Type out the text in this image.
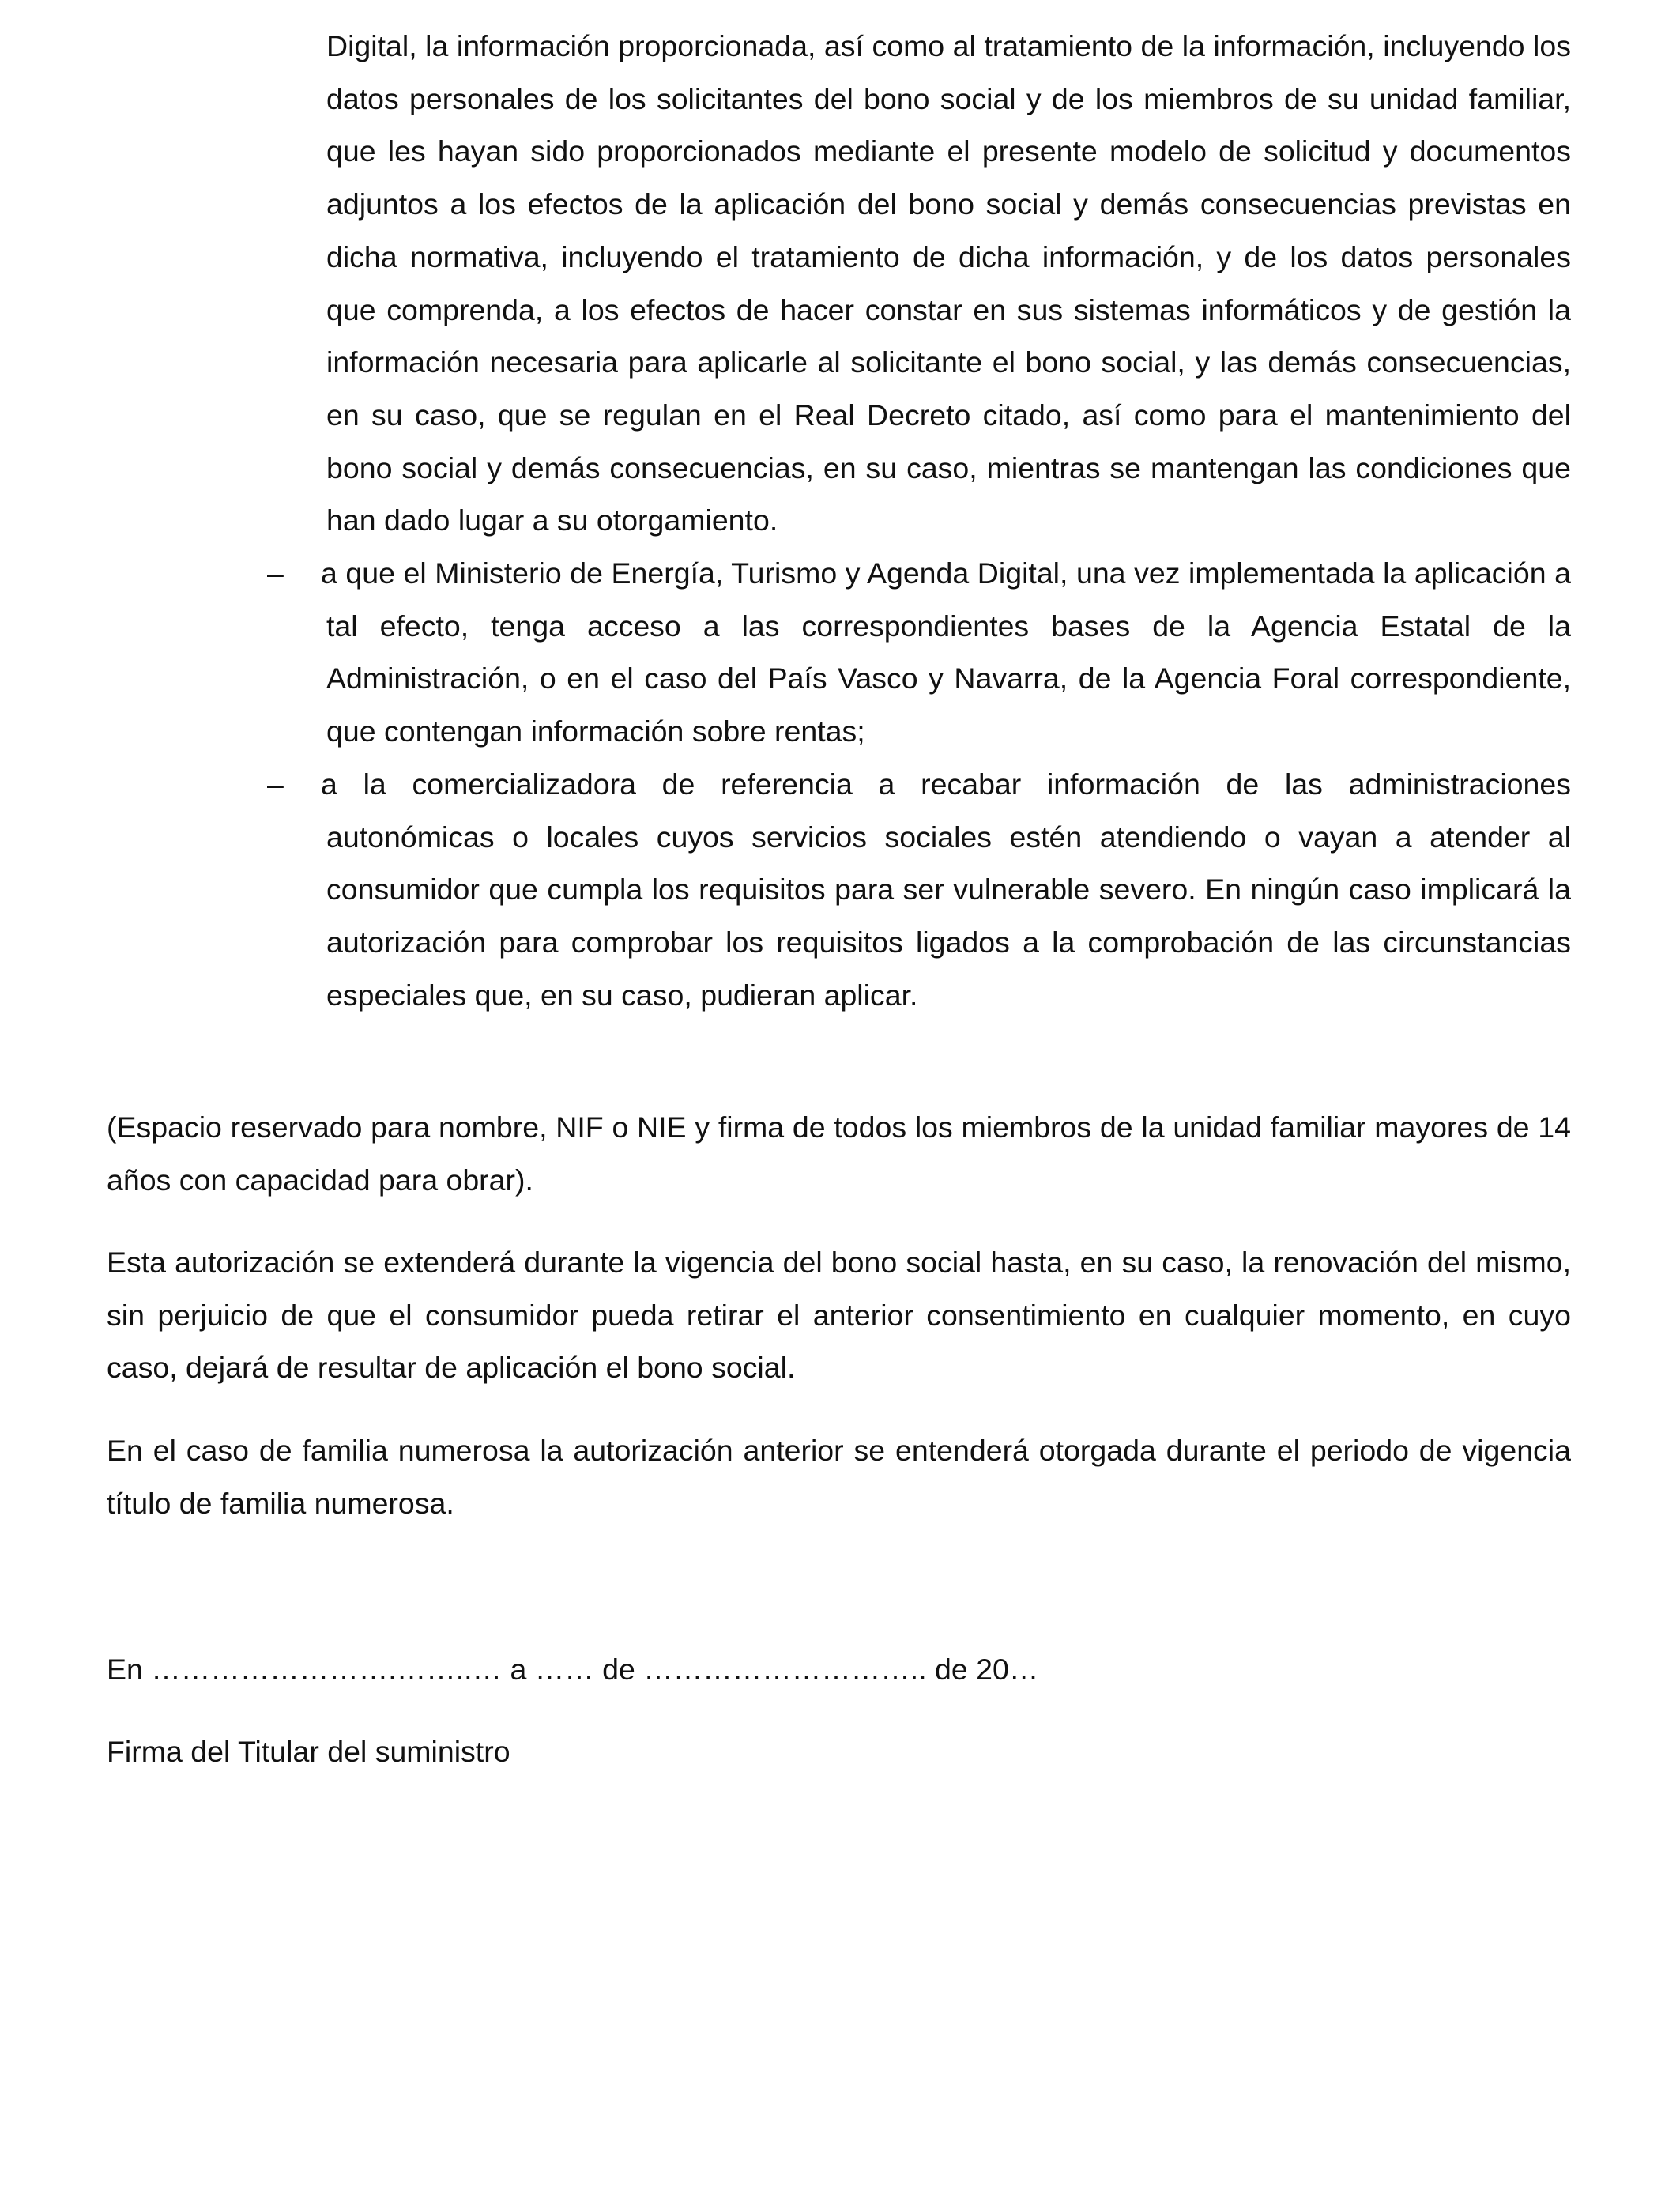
Digital, la información proporcionada, así como al tratamiento de la información, incluyendo los datos personales de los solicitantes del bono social y de los miembros de su unidad familiar, que les hayan sido proporcionados mediante el presente modelo de solicitud y documentos adjuntos a los efectos de la aplicación del bono social y demás consecuencias previstas en dicha normativa, incluyendo el tratamiento de dicha información, y de los datos personales que comprenda, a los efectos de hacer constar en sus sistemas informáticos y de gestión la información necesaria para aplicarle al solicitante el bono social, y las demás consecuencias, en su caso, que se regulan en el Real Decreto citado, así como para el mantenimiento del bono social y demás consecuencias, en su caso, mientras se mantengan las condiciones que han dado lugar a su otorgamiento.

–	a que el Ministerio de Energía, Turismo y Agenda Digital, una vez implementada la aplicación a tal efecto, tenga acceso a las correspondientes bases de la Agencia Estatal de la Administración, o en el caso del País Vasco y Navarra, de la Agencia Foral correspondiente, que contengan información sobre rentas;

–	a la comercializadora de referencia a recabar información de las administraciones autonómicas o locales cuyos servicios sociales estén atendiendo o vayan a atender al consumidor que cumpla los requisitos para ser vulnerable severo. En ningún caso implicará la autorización para comprobar los requisitos ligados a la comprobación de las circunstancias especiales que, en su caso, pudieran aplicar.

(Espacio reservado para nombre, NIF o NIE y firma de todos los miembros de la unidad familiar mayores de 14 años con capacidad para obrar).

Esta autorización se extenderá durante la vigencia del bono social hasta, en su caso, la renovación del mismo, sin perjuicio de que el consumidor pueda retirar el anterior consentimiento en cualquier momento, en cuyo caso, dejará de resultar de aplicación el bono social.

En el caso de familia numerosa la autorización anterior se entenderá otorgada durante el periodo de vigencia título de familia numerosa.

En …………………….……..… a …… de ……………………….. de 20…

Firma del Titular del suministro
